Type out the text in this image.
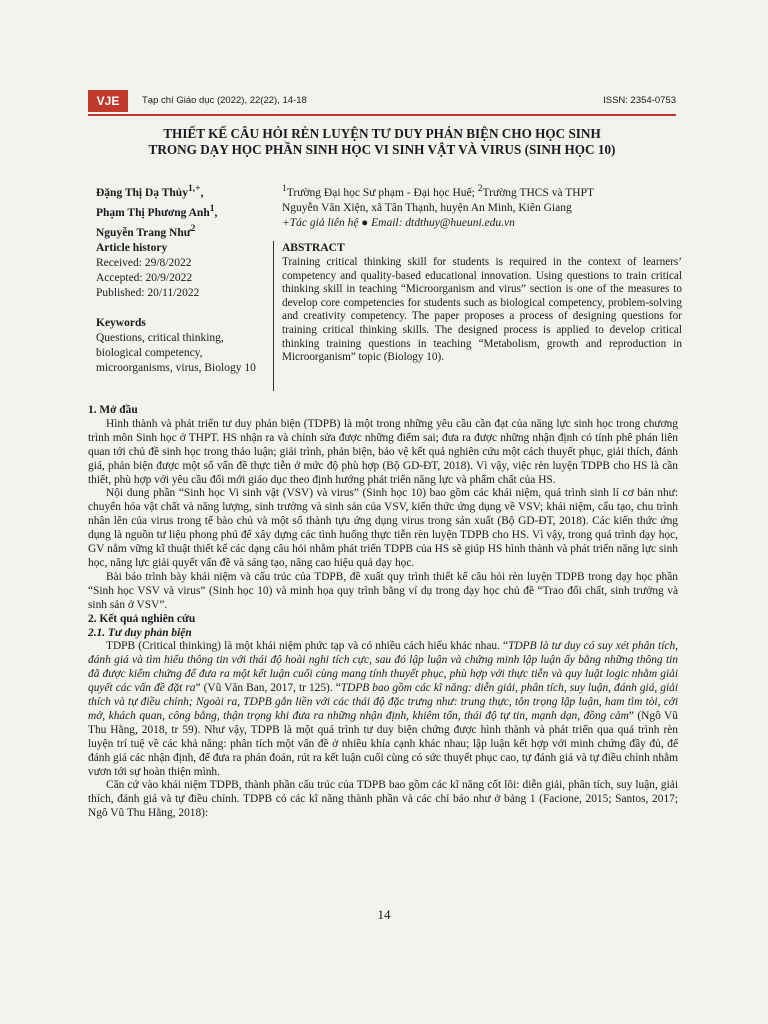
VJE	Tạp chí Giáo dục (2022), 22(22), 14-18	ISSN: 2354-0753
THIẾT KẾ CÂU HỎI RÈN LUYỆN TƯ DUY PHẢN BIỆN CHO HỌC SINH
TRONG DẠY HỌC PHẦN SINH HỌC VI SINH VẬT VÀ VIRUS (SINH HỌC 10)
Đặng Thị Dạ Thủy$^{1,+}$,
Phạm Thị Phương Anh$^1$,
Nguyễn Trang Như$^2$
$^1$Trường Đại học Sư phạm - Đại học Huế; $^2$Trường THCS và THPT
Nguyễn Văn Xiện, xã Tân Thạnh, huyện An Minh, Kiên Giang
+Tác giả liên hệ ● Email: dtdthuy@hueuni.edu.vn
Article history
Received: 29/8/2022
Accepted: 20/9/2022
Published: 20/11/2022
Keywords
Questions, critical thinking, biological competency, microorganisms, virus, Biology 10
ABSTRACT

Training critical thinking skill for students is required in the context of learners’ competency and quality-based educational innovation. Using questions to train critical thinking skill in teaching “Microorganism and virus” section is one of the measures to develop core competencies for students such as biological competency, problem-solving and creativity competency. The paper proposes a process of designing questions for training critical thinking skills. The designed process is applied to develop critical thinking training questions in teaching “Metabolism, growth and reproduction in Microorganism” topic (Biology 10).

1. Mở đầu

Hình thành và phát triển tư duy phản biện (TDPB) là một trong những yêu cầu cần đạt của năng lực sinh học trong chương trình môn Sinh học ở THPT. HS nhận ra và chỉnh sửa được những điểm sai; đưa ra được những nhận định có tính phê phán liên quan tới chủ đề sinh học trong thảo luận; giải trình, phản biện, bảo vệ kết quả nghiên cứu một cách thuyết phục, giải thích, đánh giá, phản biện được một số vấn đề thực tiễn ở mức độ phù hợp (Bộ GD-ĐT, 2018). Vì vậy, việc rèn luyện TDPB cho HS là cần thiết, phù hợp với yêu cầu đổi mới giáo dục theo định hướng phát triển năng lực và phẩm chất của HS.

Nội dung phần “Sinh học Vi sinh vật (VSV) và virus” (Sinh học 10) bao gồm các khái niệm, quá trình sinh lí cơ bản như: chuyển hóa vật chất và năng lượng, sinh trưởng và sinh sản của VSV, kiến thức ứng dụng về VSV; khái niệm, cấu tạo, chu trình nhân lên của virus trong tế bào chủ và một số thành tựu ứng dụng virus trong sản xuất (Bộ GD-ĐT, 2018). Các kiến thức ứng dụng là nguồn tư liệu phong phú để xây dựng các tình huống thực tiễn rèn luyện TDPB cho HS. Vì vậy, trong quá trình dạy học, GV nắm vững kĩ thuật thiết kế các dạng câu hỏi nhằm phát triển TDPB của HS sẽ giúp HS hình thành và phát triển năng lực sinh học, năng lực giải quyết vấn đề và sáng tạo, nâng cao hiệu quả dạy học.

Bài báo trình bày khái niệm và cấu trúc của TDPB, đề xuất quy trình thiết kế câu hỏi rèn luyện TDPB trong dạy học phần “Sinh học VSV và virus” (Sinh học 10) và minh họa quy trình bằng ví dụ trong dạy học chủ đề “Trao đổi chất, sinh trưởng và sinh sản ở VSV”.

2. Kết quả nghiên cứu
2.1. Tư duy phản biện

TDPB (Critical thinking) là một khái niệm phức tạp và có nhiều cách hiểu khác nhau. “TDPB là tư duy có suy xét phân tích, đánh giá và tìm hiểu thông tin với thái độ hoài nghi tích cực, sau đó lập luận và chứng minh lập luận ấy bằng những thông tin đã được kiểm chứng để đưa ra một kết luận cuối cùng mang tính thuyết phục, phù hợp với thực tiễn và quy luật logic nhằm giải quyết các vấn đề đặt ra” (Vũ Văn Ban, 2017, tr 125). “TDPB bao gồm các kĩ năng: diễn giải, phân tích, suy luận, đánh giá, giải thích và tự điều chỉnh; Ngoài ra, TDPB gắn liền với các thái độ đặc trưng như: trung thực, tôn trọng lập luận, ham tìm tòi, cởi mở, khách quan, công bằng, thận trọng khi đưa ra những nhận định, khiêm tốn, thái độ tự tin, mạnh dạn, đồng cảm” (Ngô Vũ Thu Hằng, 2018, tr 59). Như vậy, TDPB là một quá trình tư duy biện chứng được hình thành và phát triển qua quá trình rèn luyện trí tuệ về các khả năng: phân tích một vấn đề ở nhiều khía cạnh khác nhau; lập luận kết hợp với minh chứng đầy đủ, để đánh giá các nhận định, để đưa ra phán đoán, rút ra kết luận cuối cùng có sức thuyết phục cao, tự đánh giá và tự điều chỉnh nhằm vươn tới sự hoàn thiện mình.

Căn cứ vào khái niệm TDPB, thành phần cấu trúc của TDPB bao gồm các kĩ năng cốt lõi: diễn giải, phân tích, suy luận, giải thích, đánh giá và tự điều chỉnh. TDPB có các kĩ năng thành phần và các chỉ báo như ở bảng 1 (Facione, 2015; Santos, 2017; Ngô Vũ Thu Hằng, 2018):

14
